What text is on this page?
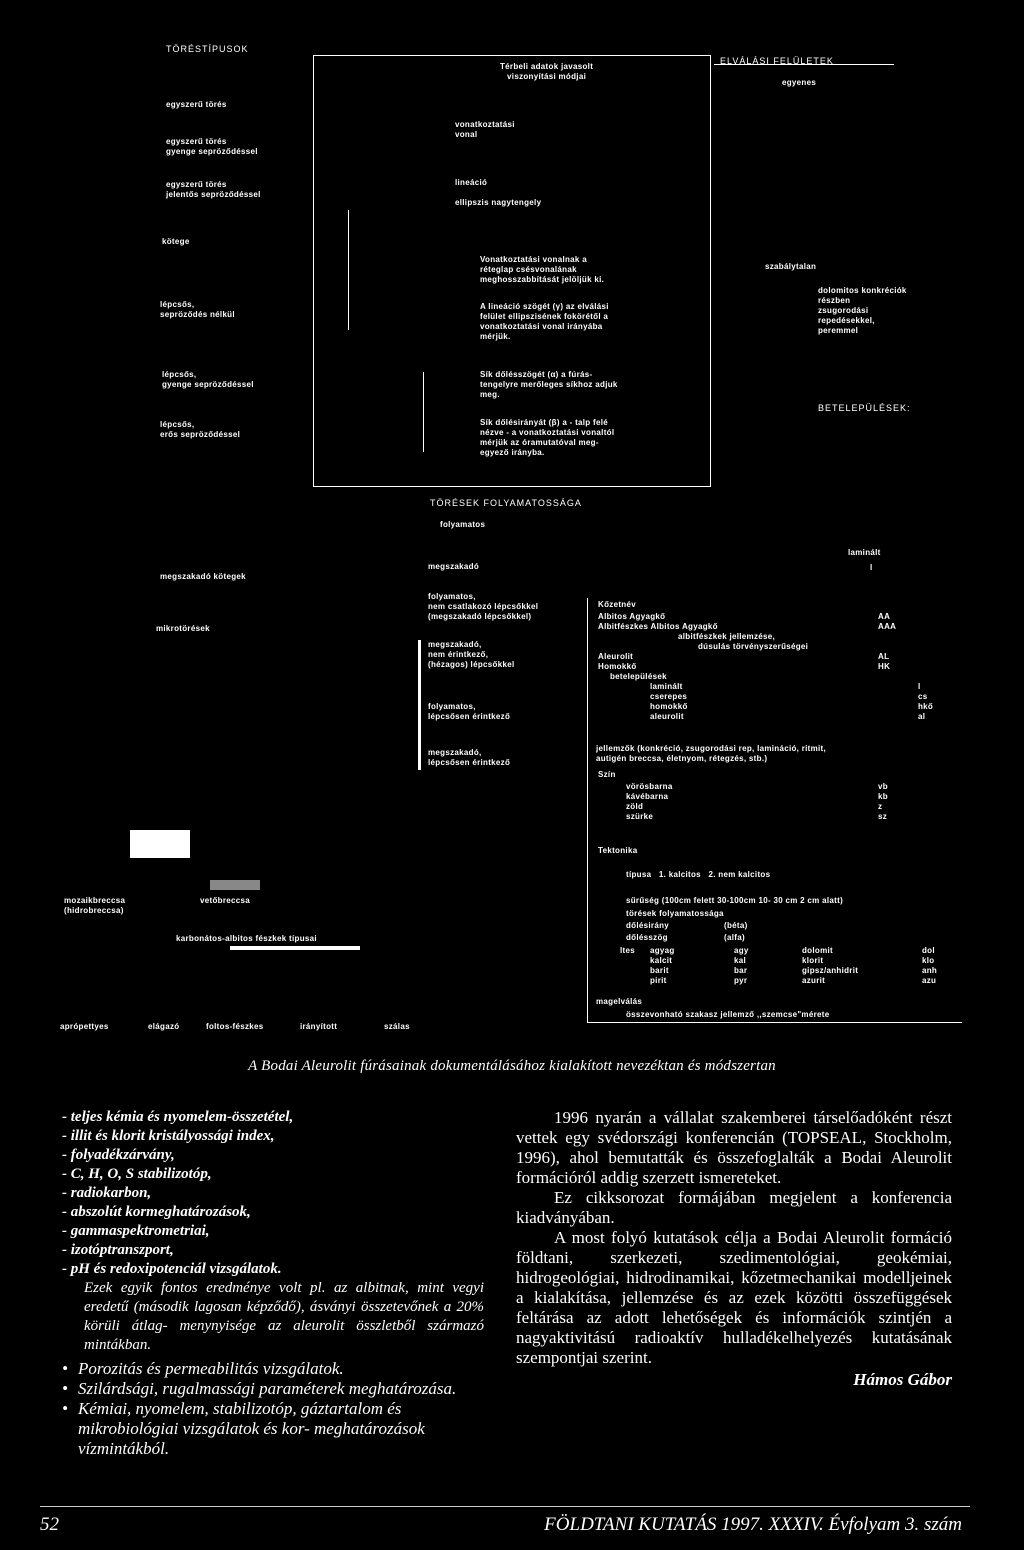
TÖRÉSTÍPUSOK
egyszerű törés
egyszerű törés
gyenge sepröződéssel
egyszerű törés
jelentős sepröződéssel
kötege
lépcsős,
sepröződés nélkül
lépcsős,
gyenge sepröződéssel
lépcsős,
erős sepröződéssel
Térbeli adatok javasolt
viszonyítási módjai
vonatkoztatási
vonal
lineáció
ellipszis nagytengely
Vonatkoztatási vonalnak a
réteglap csésvonalának
meghosszabbítását jelöljük ki.
A lineáció szögét (γ) az elválási
felület ellipszisének fokörétől a
vonatkoztatási vonal irányába
mérjük.
Sík dőlésszögét (α) a fúrás-
tengelyre merőleges síkhoz adjuk
meg.
Sík dőlésirányát (β) a - talp felé
nézve - a vonatkoztatási vonaltól
mérjük az óramutatóval meg-
egyező irányba.
ELVÁLÁSI FELÜLETEK
egyenes
szabálytalan
dolomitos konkréciók
részben
zsugorodási
repedésekkel,
peremmel
BETELEPÜLÉSEK:
TÖRÉSEK FOLYAMATOSSÁGA
folyamatos
megszakadó kötegek
mikrotörések
megszakadó
folyamatos,
nem csatlakozó lépcsőkkel
(megszakadó lépcsőkkel)
megszakadó,
nem érintkező,
(hézagos) lépcsőkkel
folyamatos,
lépcsősen érintkező
megszakadó,
lépcsősen érintkező
laminált
l
Kőzetnév
Albitos Agyagkő	AA
Albitfészkes Albitos Agyagkő	AAA
albitfészkek jellemzése,	
dúsulás törvényszerűségei	
Aleurolit	AL
Homokkő	HK
betelepülések	
laminált	l
cserepes	cs
homokkő	hkő
aleurolit	al
jellemzők (konkréció, zsugorodási rep, lamináció, ritmit,
autigén breccsa, életnyom, rétegzés, stb.)
Szín
vörösbarna	vb
kávébarna	kb
zöld	z
szürke	sz
Tektonika
típusa   1. kalcitos   2. nem kalcitos
sűrűség (100cm felett 30-100cm 10- 30 cm 2 cm alatt)
törések folyamatossága
dőlésirány	(béta)
dőlésszög	(alfa)
ltes agyag	agy	dolomit	dol
kalcit	kal	klorit	klo
barit	bar	gipsz/anhidrit	anh
pirit	pyr	azurit	azu
magelválás
összevonható szakasz jellemző ,,szemcse"mérete
mozaikbreccsa
(hidrobreccsa)
vetőbreccsa
karbonátos-albitos fészkek típusai
aprópettyes	elágazó	foltos-fészkes	irányított	szálas
A Bodai Aleurolit fúrásainak dokumentálásához kialakított nevezéktan és módszertan
- teljes kémia és nyomelem-összetétel,
- illit és klorit kristályossági index,
- folyadékzárvány,
- C, H, O, S stabilizotóp,
- radiokarbon,
- abszolút kormeghatározások,
- gammaspektrometriai,
- izotóptranszport,
- pH és redoxipotenciál vizsgálatok.
Ezek egyik fontos eredménye volt pl. az albitnak, mint vegyi eredetű (második lagosan képződő), ásványi összetevőnek a 20% körüli átlag- menynyisége az aleurolit összletből származó mintákban.
• Porozitás és permeabilitás vizsgálatok.
• Szilárdsági, rugalmassági paraméterek meghatározása.
• Kémiai, nyomelem, stabilizotóp, gáztartalom és mikrobiológiai vizsgálatok és kor- meghatározások vízmintákból.

1996 nyarán a vállalat szakemberei társelőadóként részt vettek egy svédországi konferencián (TOPSEAL, Stockholm, 1996), ahol bemutatták és összefoglalták a Bodai Aleurolit formációról addig szerzett ismereteket.

Ez cikksorozat formájában megjelent a konferencia kiadványában.

A most folyó kutatások célja a Bodai Aleurolit formáció földtani, szerkezeti, szedimentológiai, geokémiai, hidrogeológiai, hidrodinamikai, kőzetmechanikai modelljeinek a kialakítása, jellemzése és az ezek közötti összefüggések feltárása az adott lehetőségek és információk szintjén a nagyaktivitású radioaktív hulladékelhelyezés kutatásának szempontjai szerint.

Hámos Gábor
52	FÖLDTANI KUTATÁS 1997. XXXIV. Évfolyam 3. szám
